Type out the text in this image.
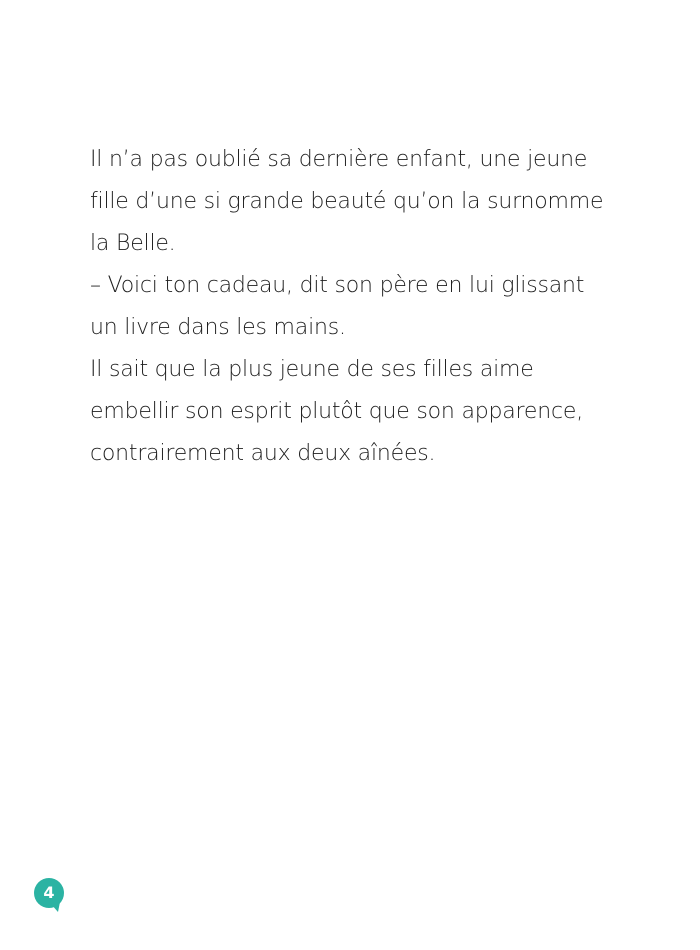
Il n’a pas oublié sa dernière enfant, une jeune
fille d’une si grande beauté qu’on la surnomme
la Belle.
– Voici ton cadeau, dit son père en lui glissant
un livre dans les mains.
Il sait que la plus jeune de ses filles aime
embellir son esprit plutôt que son apparence,
contrairement aux deux aînées.
4
